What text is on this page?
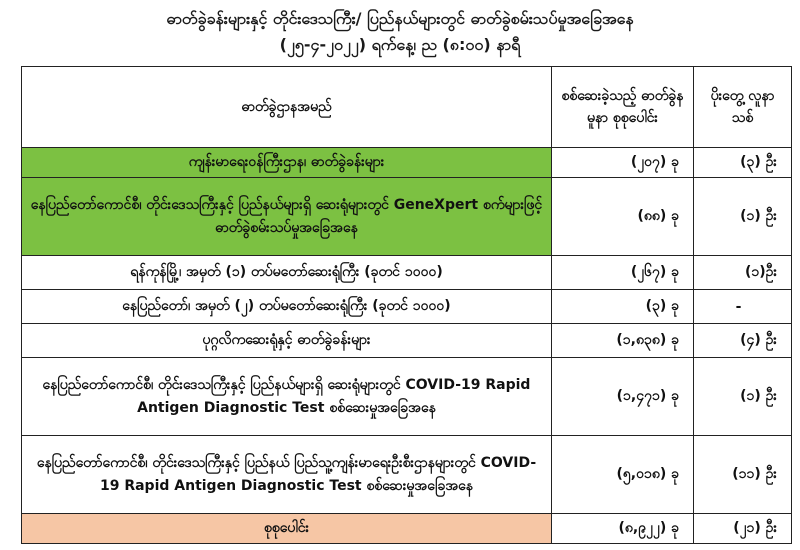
ဓာတ်ခွဲခန်းများနှင့် တိုင်းဒေသကြီး/ ပြည်နယ်များတွင် ဓာတ်ခွဲစမ်းသပ်မှုအခြေအနေ
(၂၅-၄-၂၀၂၂) ရက်နေ့၊ ည (၈:၀၀) နာရီ
ဓာတ်ခွဲဌာနအမည်	စစ်ဆေးခဲ့သည့် ဓာတ်ခွဲနမူနာ စုစုပေါင်း	ပိုးတွေ့ လူနာသစ်
ကျန်းမာရေးဝန်ကြီးဌာန၊ ဓာတ်ခွဲခန်းများ	(၂၀၇) ခု	(၃) ဦး
နေပြည်တော်ကောင်စီ၊ တိုင်းဒေသကြီးနှင့် ပြည်နယ်များရှိ ဆေးရုံများတွင် GeneXpert စက်များဖြင့် ဓာတ်ခွဲစမ်းသပ်မှုအခြေအနေ	(၈၈) ခု	(၁) ဦး
ရန်ကုန်မြို့၊ အမှတ် (၁) တပ်မတော်ဆေးရုံကြီး (ခုတင် ၁၀၀၀)	(၂၆၇) ခု	(၁)ဦး
နေပြည်တော်၊ အမှတ် (၂) တပ်မတော်ဆေးရုံကြီး (ခုတင် ၁၀၀၀)	(၃) ခု	-
ပုဂ္ဂလိကဆေးရုံနှင့် ဓာတ်ခွဲခန်းများ	(၁,၈၃၈) ခု	(၄) ဦး
နေပြည်တော်ကောင်စီ၊ တိုင်းဒေသကြီးနှင့် ပြည်နယ်များရှိ ဆေးရုံများတွင် COVID-19 Rapid Antigen Diagnostic Test စစ်ဆေးမှုအခြေအနေ	(၁,၄၇၁) ခု	(၁) ဦး
နေပြည်တော်ကောင်စီ၊ တိုင်းဒေသကြီးနှင့် ပြည်နယ် ပြည်သူ့ကျန်းမာရေးဦးစီးဌာနများတွင် COVID-19 Rapid Antigen Diagnostic Test စစ်ဆေးမှုအခြေအနေ	(၅,၀၁၈) ခု	(၁၁) ဦး
စုစုပေါင်း	(၈,၉၂၂) ခု	(၂၁) ဦး
